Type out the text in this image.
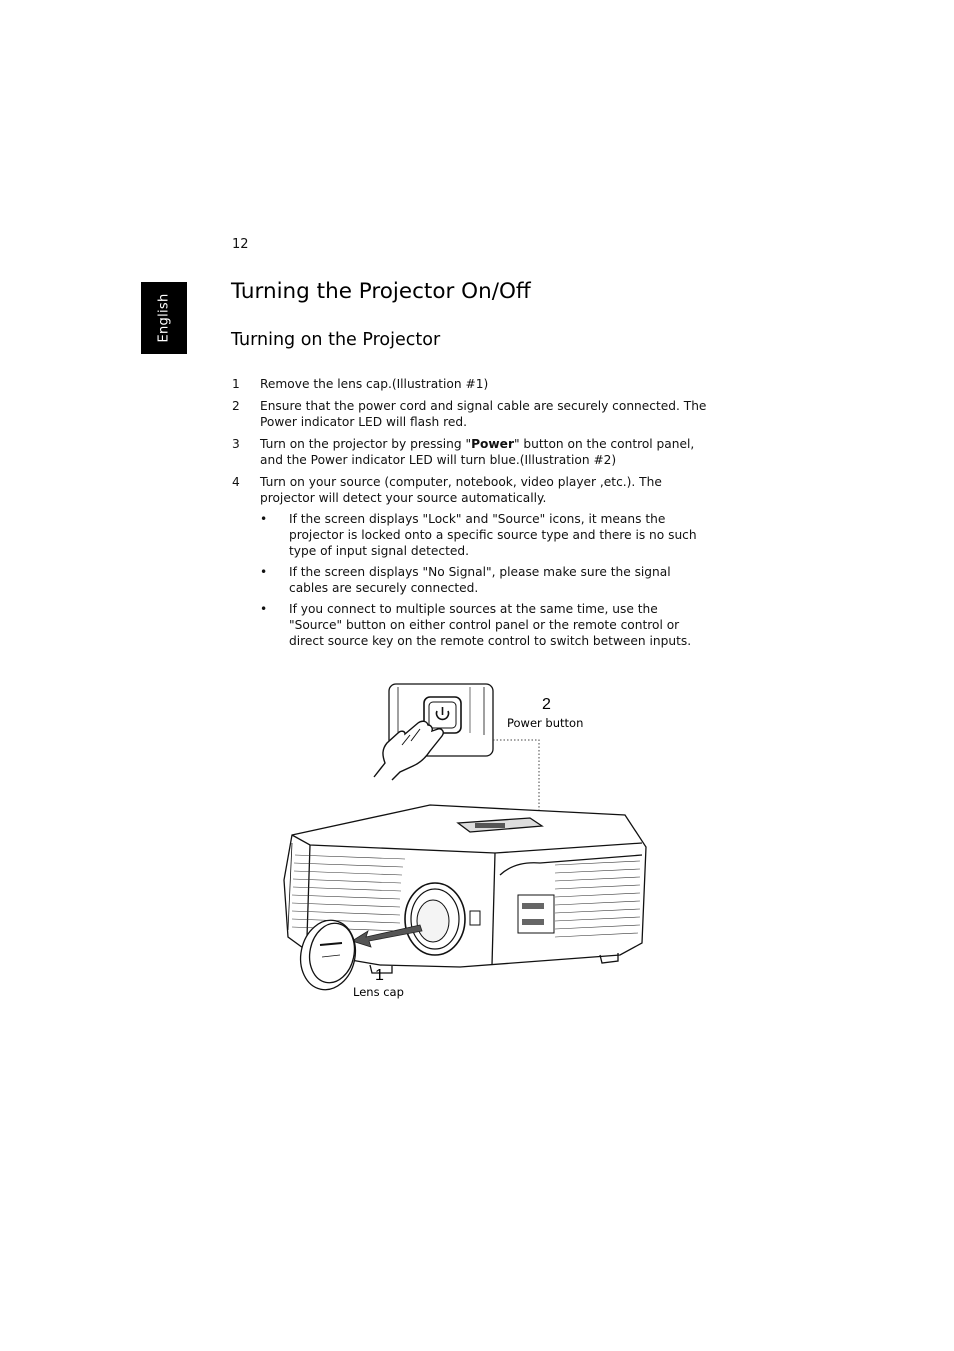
12
English
Turning the Projector On/Off
Turning on the Projector
1 Remove the lens cap.(Illustration #1)
2 Ensure that the power cord and signal cable are securely connected. The Power indicator LED will flash red.
3 Turn on the projector by pressing "Power" button on the control panel, and the Power indicator LED will turn blue.(Illustration #2)
4 Turn on your source (computer, notebook, video player ,etc.). The projector will detect your source automatically.
• If the screen displays "Lock" and "Source" icons, it means the projector is locked onto a specific source type and there is no such type of input signal detected.
• If the screen displays "No Signal", please make sure the signal cables are securely connected.
• If you connect to multiple sources at the same time, use the "Source" button on either control panel or the remote control or direct source key on the remote control to switch between inputs.
2
Power button
1
Lens cap
